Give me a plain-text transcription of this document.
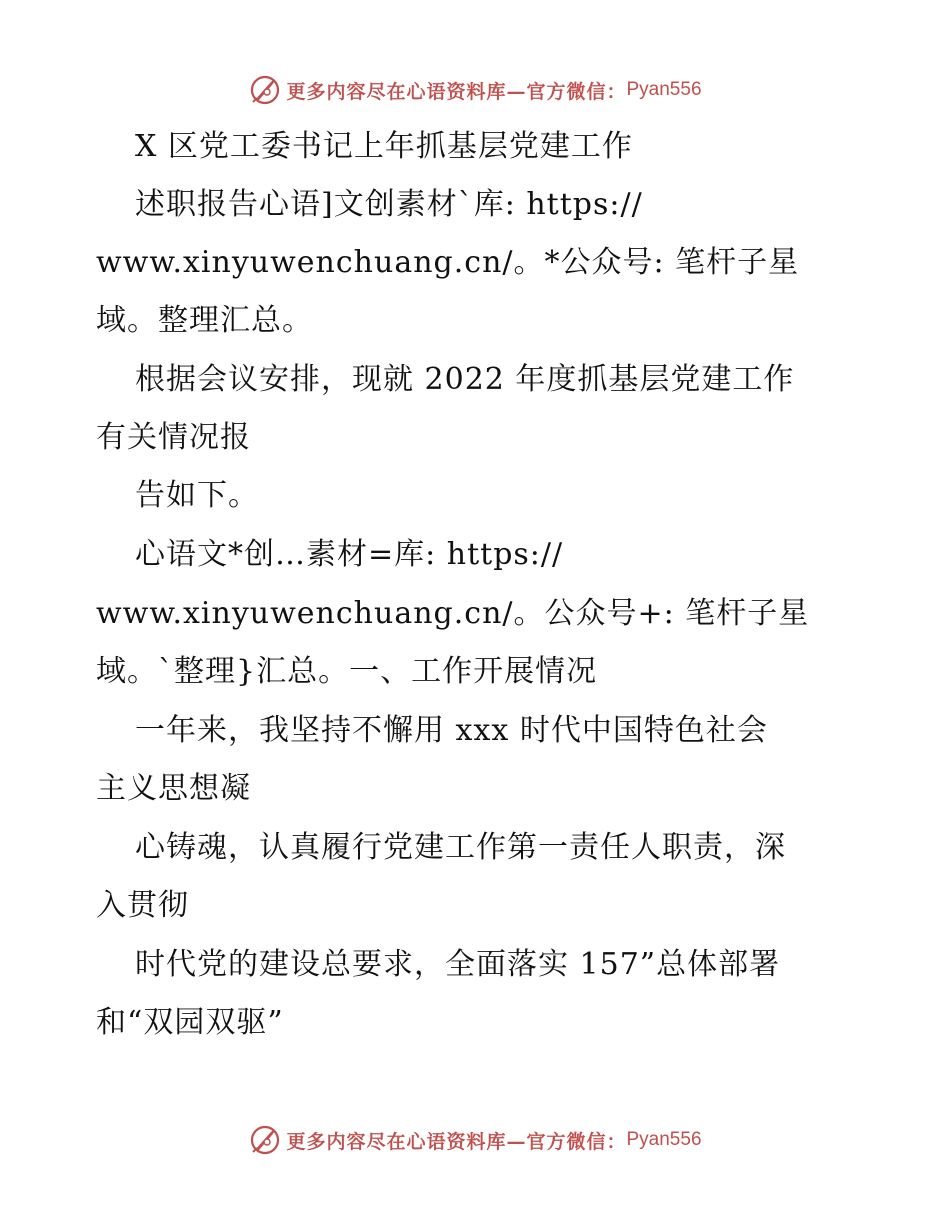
更多内容尽在心语资料库—官方微信： Pyan556
X 区党工委书记上年抓基层党建工作
述职报告心语]文创素材`库: https://
www.xinyuwenchuang.cn/。*公众号: 笔杆子星
域。整理汇总。
根据会议安排，现就 2022 年度抓基层党建工作
有关情况报
告如下。
心语文*创…素材=库: https://
www.xinyuwenchuang.cn/。公众号+: 笔杆子星
域。`整理}汇总。一、工作开展情况
一年来，我坚持不懈用 xxx 时代中国特色社会
主义思想凝
心铸魂，认真履行党建工作第一责任人职责，深
入贯彻
时代党的建设总要求，全面落实 157”总体部署
和“双园双驱”
更多内容尽在心语资料库—官方微信： Pyan556
